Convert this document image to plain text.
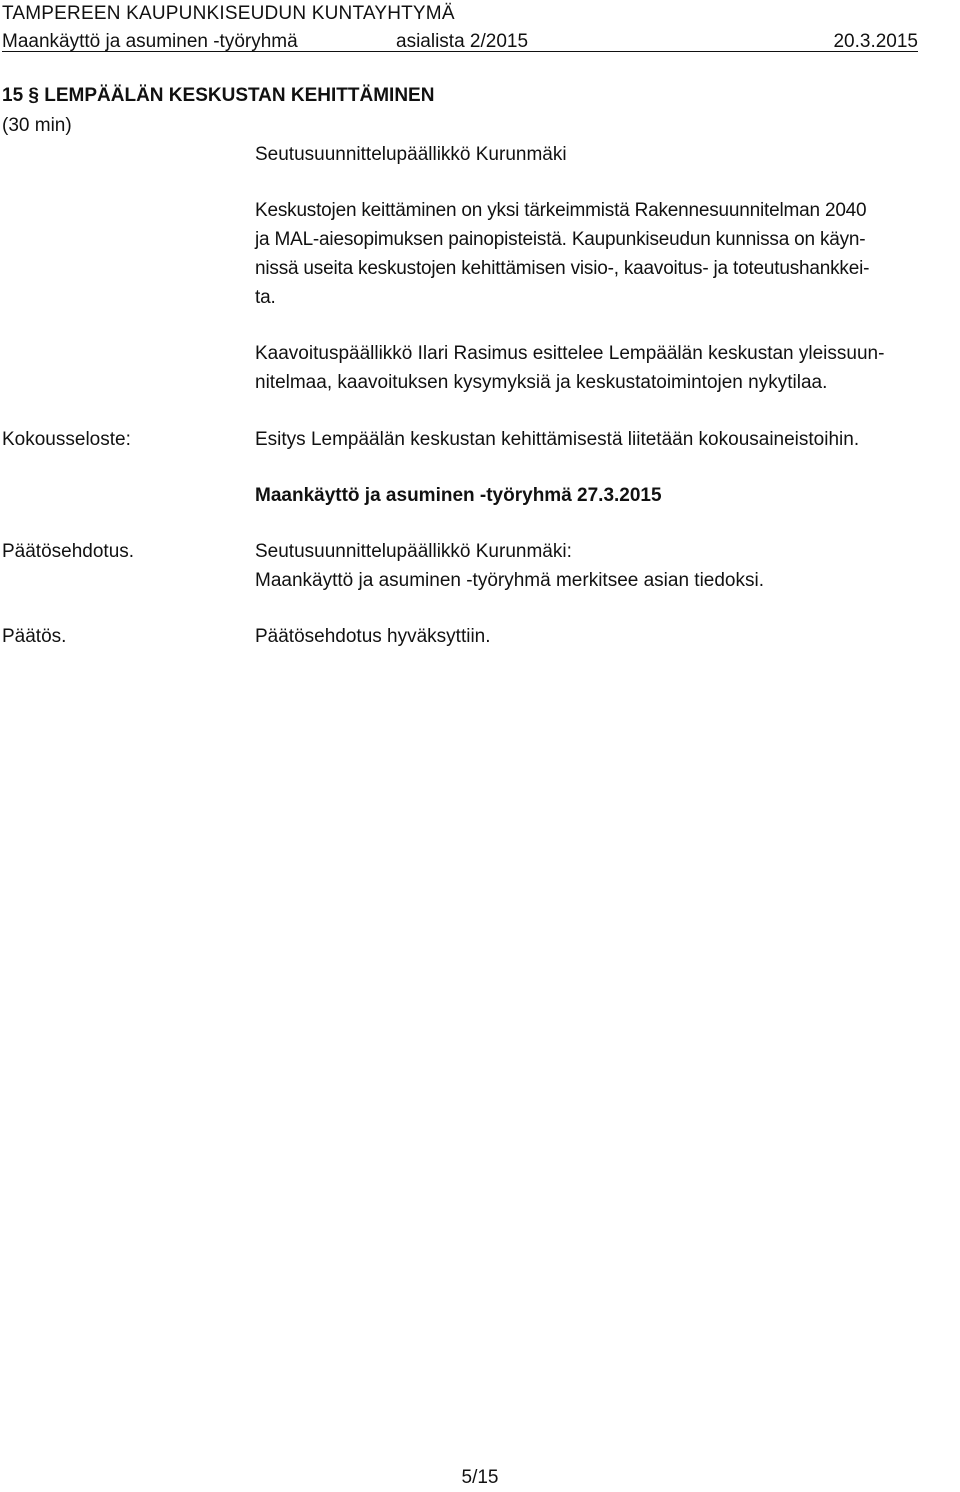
TAMPEREEN KAUPUNKISEUDUN KUNTAYHTYMÄ
Maankäyttö ja asuminen -työryhmä	asialista 2/2015	20.3.2015
15 § LEMPÄÄLÄN KESKUSTAN KEHITTÄMINEN
(30 min)
Seutusuunnittelupäällikkö Kurunmäki
Keskustojen keittäminen on yksi tärkeimmistä Rakennesuunnitelman 2040
ja MAL-aiesopimuksen painopisteistä. Kaupunkiseudun kunnissa on käyn-
nissä useita keskustojen kehittämisen visio-, kaavoitus- ja toteutushankkei-
ta.
Kaavoituspäällikkö Ilari Rasimus esittelee Lempäälän keskustan yleissuun-
nitelmaa, kaavoituksen kysymyksiä ja keskustatoimintojen nykytilaa.
Kokousseloste:	Esitys Lempäälän keskustan kehittämisestä liitetään kokousaineistoihin.
Maankäyttö ja asuminen -työryhmä 27.3.2015
Päätösehdotus.	Seutusuunnittelupäällikkö Kurunmäki:
Maankäyttö ja asuminen -työryhmä merkitsee asian tiedoksi.
Päätös.	Päätösehdotus hyväksyttiin.
5/15
